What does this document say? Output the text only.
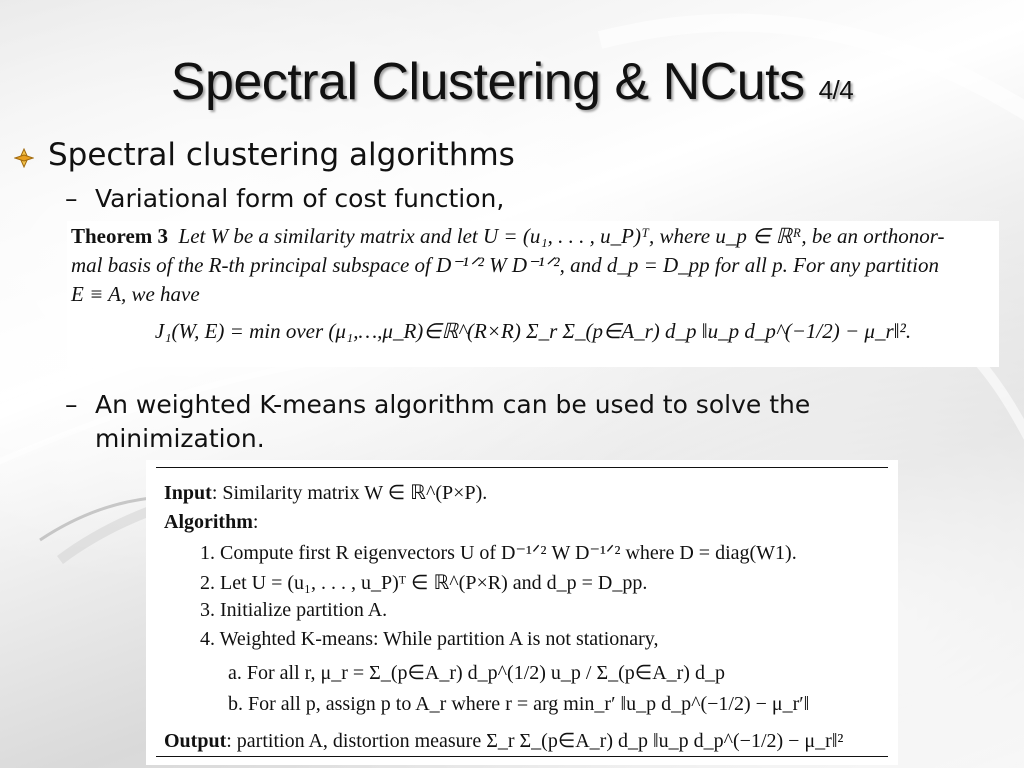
Spectral Clustering & NCuts 4/4
Spectral clustering algorithms
– Variational form of cost function,

Theorem 3 Let W be a similarity matrix and let U = (u₁, . . . , u_P)ᵀ, where u_p ∈ ℝᴿ, be an orthonor-

mal basis of the R-th principal subspace of D⁻¹ᐟ² W D⁻¹ᐟ², and d_p = D_pp for all p. For any partition

E ≡ A, we have

J₁(W, E) = min over (μ₁,…,μ_R)∈ℝ^(R×R) Σ_r Σ_(p∈A_r) d_p ‖u_p d_p^(−1/2) − μ_r‖².

– An weighted K-means algorithm can be used to solve the
minimization.
Input: Similarity matrix W ∈ ℝ^(P×P).
Algorithm:
1. Compute first R eigenvectors U of D⁻¹ᐟ² W D⁻¹ᐟ² where D = diag(W1).
2. Let U = (u₁, . . . , u_P)ᵀ ∈ ℝ^(P×R) and d_p = D_pp.
3. Initialize partition A.
4. Weighted K-means: While partition A is not stationary,
a. For all r, μ_r = Σ_(p∈A_r) d_p^(1/2) u_p / Σ_(p∈A_r) d_p
b. For all p, assign p to A_r where r = arg min_r′ ‖u_p d_p^(−1/2) − μ_r′‖
Output: partition A, distortion measure Σ_r Σ_(p∈A_r) d_p ‖u_p d_p^(−1/2) − μ_r‖²
